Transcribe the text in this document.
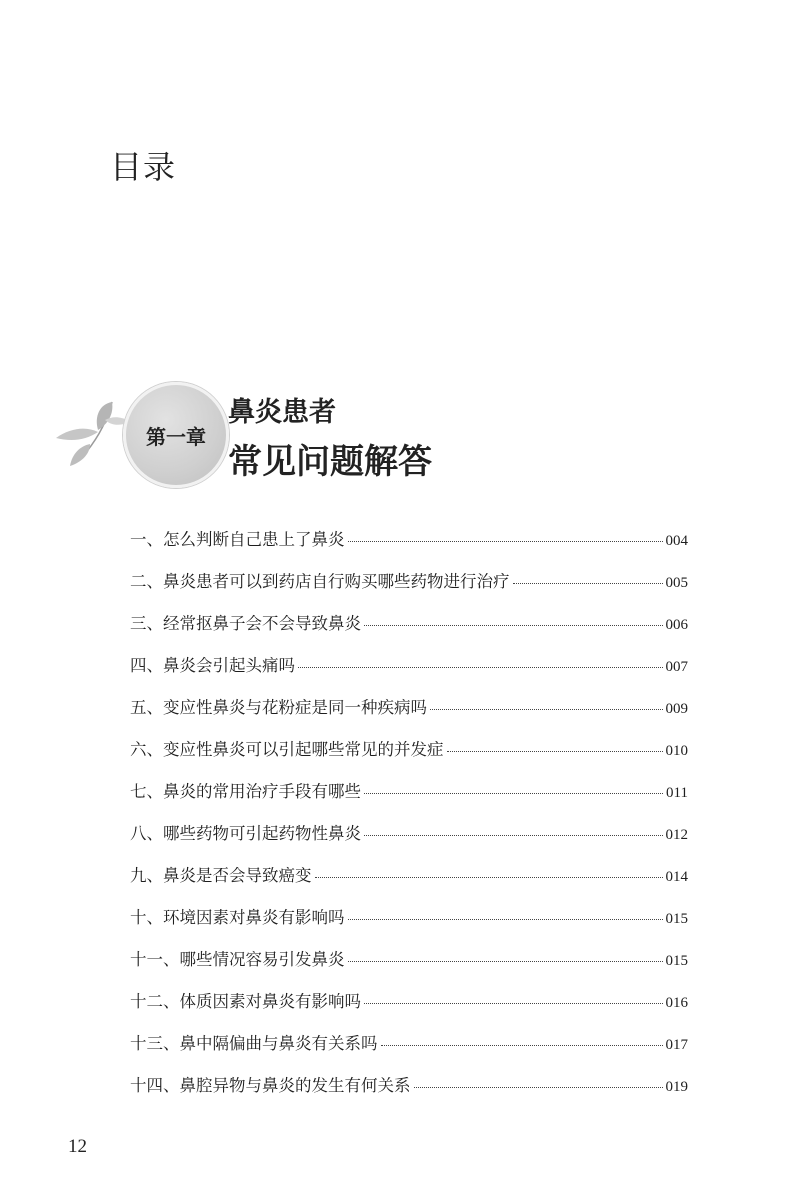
目录
第一章
鼻炎患者
常见问题解答
一、怎么判断自己患上了鼻炎	004
二、鼻炎患者可以到药店自行购买哪些药物进行治疗	005
三、经常抠鼻子会不会导致鼻炎	006
四、鼻炎会引起头痛吗	007
五、变应性鼻炎与花粉症是同一种疾病吗	009
六、变应性鼻炎可以引起哪些常见的并发症	010
七、鼻炎的常用治疗手段有哪些	011
八、哪些药物可引起药物性鼻炎	012
九、鼻炎是否会导致癌变	014
十、环境因素对鼻炎有影响吗	015
十一、哪些情况容易引发鼻炎	015
十二、体质因素对鼻炎有影响吗	016
十三、鼻中隔偏曲与鼻炎有关系吗	017
十四、鼻腔异物与鼻炎的发生有何关系	019
12
